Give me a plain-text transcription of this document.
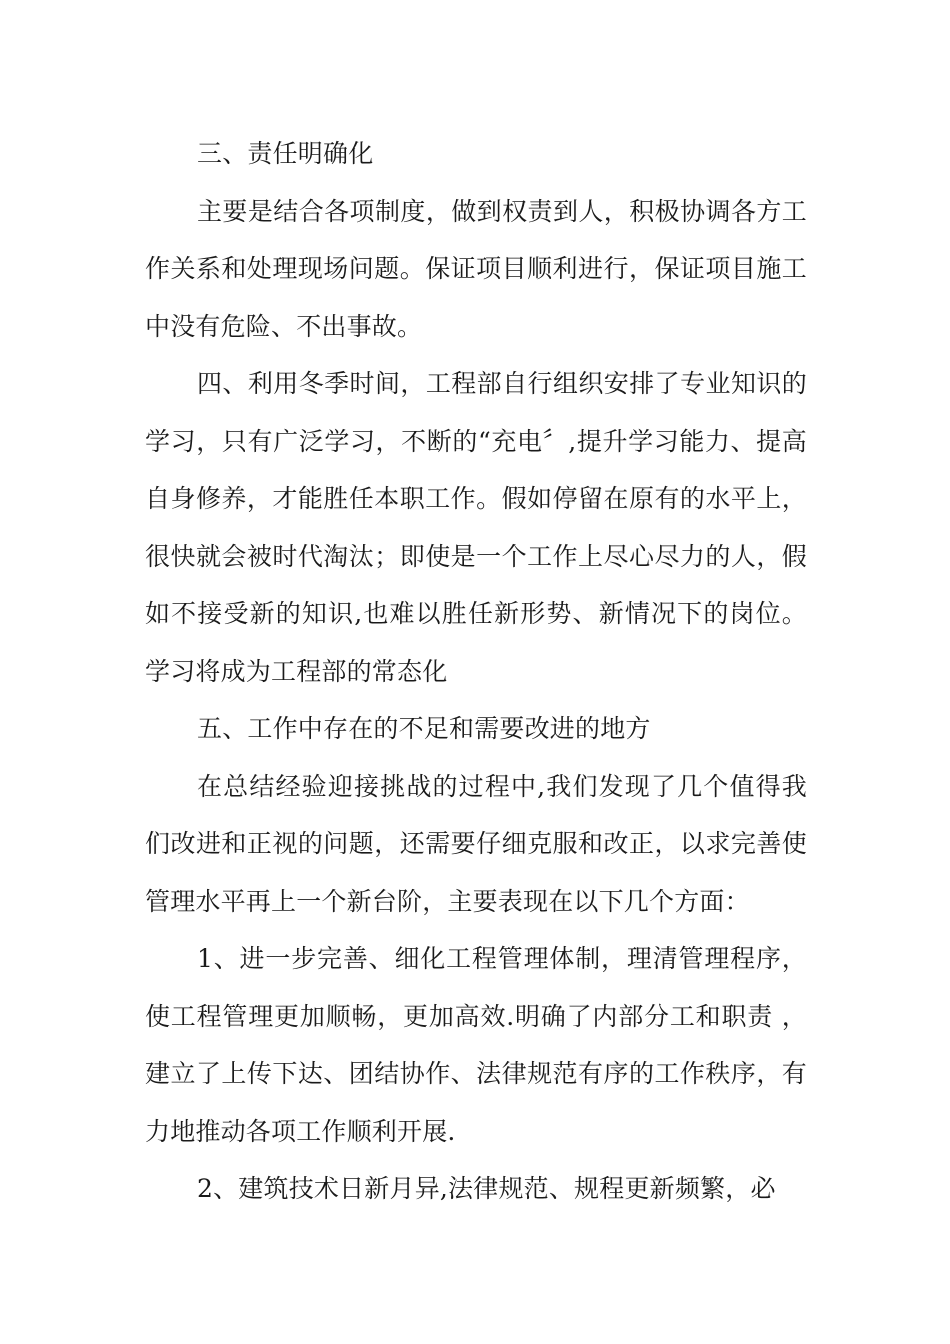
三、责任明确化

主要是结合各项制度，做到权责到人，积极协调各方工作关系和处理现场问题。保证项目顺利进行，保证项目施工中没有危险、不出事故。

四、利用冬季时间，工程部自行组织安排了专业知识的学习，只有广泛学习，不断的“充电〞,提升学习能力、提高自身修养，才能胜任本职工作。假如停留在原有的水平上，很快就会被时代淘汰；即使是一个工作上尽心尽力的人，假如不接受新的知识,也难以胜任新形势、新情况下的岗位。学习将成为工程部的常态化

五、工作中存在的不足和需要改进的地方

在总结经验迎接挑战的过程中,我们发现了几个值得我们改进和正视的问题，还需要仔细克服和改正，以求完善使管理水平再上一个新台阶，主要表现在以下几个方面：

1、进一步完善、细化工程管理体制，理清管理程序，使工程管理更加顺畅，更加高效.明确了内部分工和职责 ，建立了上传下达、团结协作、法律规范有序的工作秩序，有力地推动各项工作顺利开展.

2、建筑技术日新月异,法律规范、规程更新频繁，必
